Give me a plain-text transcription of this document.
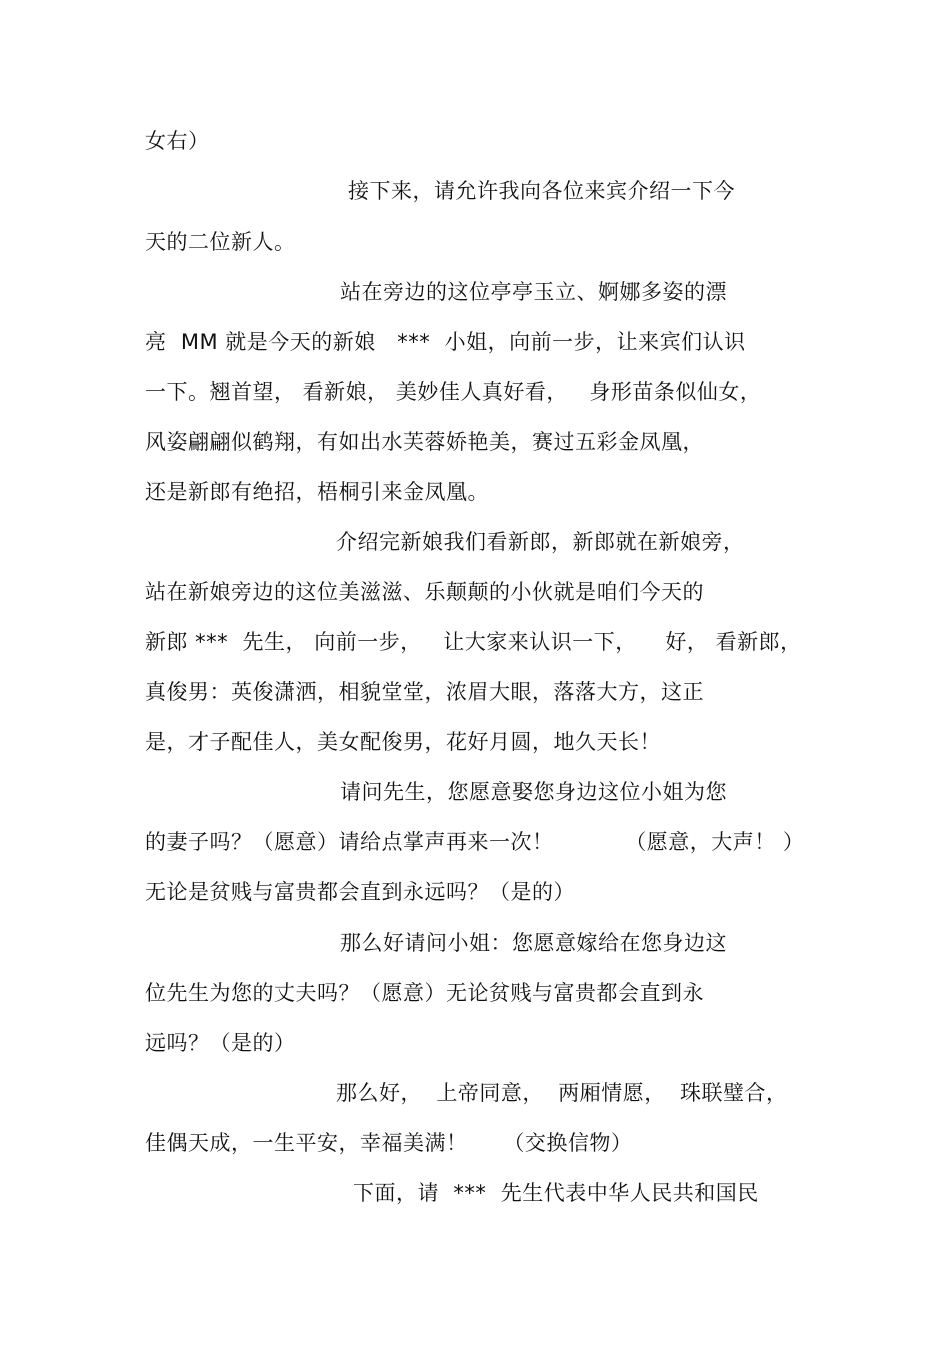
女右）
接下来，请允许我向各位来宾介绍一下今
天的二位新人。
站在旁边的这位亭亭玉立、婀娜多姿的漂
亮  MM 就是今天的新娘   ***  小姐，向前一步，让来宾们认识
一下。翘首望， 看新娘， 美妙佳人真好看，   身形苗条似仙女，
风姿翩翩似鹤翔，有如出水芙蓉娇艳美，赛过五彩金凤凰，
还是新郎有绝招，梧桐引来金凤凰。
介绍完新娘我们看新郎，新郎就在新娘旁，
站在新娘旁边的这位美滋滋、乐颠颠的小伙就是咱们今天的
新郎 ***  先生， 向前一步，   让大家来认识一下，    好， 看新郎，
真俊男：英俊潇洒，相貌堂堂，浓眉大眼，落落大方，这正
是，才子配佳人，美女配俊男，花好月圆，地久天长！
请问先生，您愿意娶您身边这位小姐为您
的妻子吗？（愿意）请给点掌声再来一次！          （愿意，大声！ ）
无论是贫贱与富贵都会直到永远吗？（是的）
那么好请问小姐：您愿意嫁给在您身边这
位先生为您的丈夫吗？（愿意）无论贫贱与富贵都会直到永
远吗？（是的）
那么好，  上帝同意，  两厢情愿，  珠联璧合，
佳偶天成，一生平安，幸福美满！     （交换信物）
下面，请  ***  先生代表中华人民共和国民
